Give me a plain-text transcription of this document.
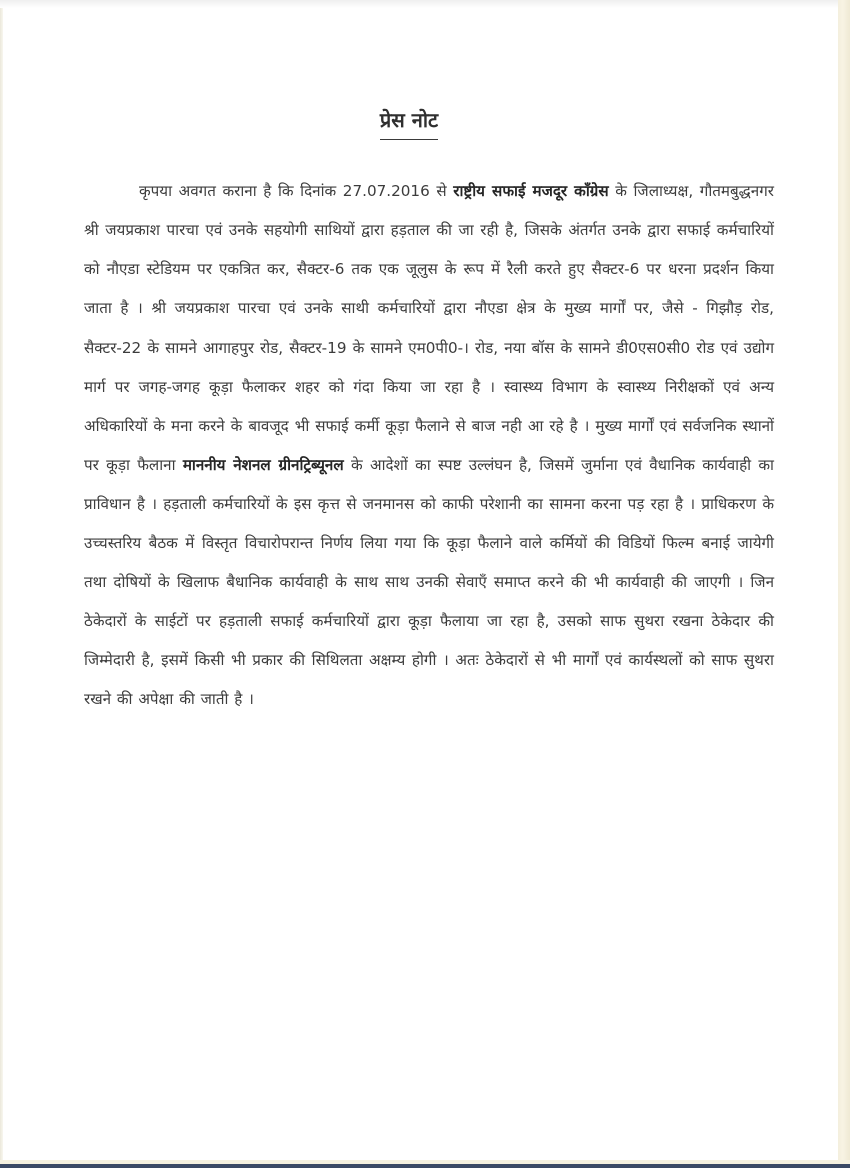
प्रेस नोट

कृपया अवगत कराना है कि दिनांक 27.07.2016 से राष्ट्रीय सफाई मजदूर कॉंग्रेस के जिलाध्यक्ष, गौतमबुद्धनगर श्री जयप्रकाश पारचा एवं उनके सहयोगी साथियों द्वारा हड़ताल की जा रही है, जिसके अंतर्गत उनके द्वारा सफाई कर्मचारियों को नौएडा स्टेडियम पर एकत्रित कर, सैक्टर-6 तक एक जूलुस के रूप में रैली करते हुए सैक्टर-6 पर धरना प्रदर्शन किया जाता है । श्री जयप्रकाश पारचा एवं उनके साथी कर्मचारियों द्वारा नौएडा क्षेत्र के मुख्य मार्गों पर, जैसे - गिझौड़ रोड, सैक्टर-22 के सामने आगाहपुर रोड, सैक्टर-19 के सामने एम0पी0-। रोड, नया बॉस के सामने डी0एस0सी0 रोड एवं उद्योग मार्ग पर जगह-जगह कूड़ा फैलाकर शहर को गंदा किया जा रहा है । स्वास्थ्य विभाग के स्वास्थ्य निरीक्षकों एवं अन्य अधिकारियों के मना करने के बावजूद भी सफाई कर्मी कूड़ा फैलाने से बाज नही आ रहे है । मुख्य मार्गों एवं सर्वजनिक स्थानों पर कूड़ा फैलाना माननीय नेशनल ग्रीनट्रिब्यूनल के आदेशों का स्पष्ट उल्लंघन है, जिसमें जुर्माना एवं वैधानिक कार्यवाही का प्राविधान है । हड़ताली कर्मचारियों के इस कृत्त से जनमानस को काफी परेशानी का सामना करना पड़ रहा है । प्राधिकरण के उच्चस्तरिय बैठक में विस्तृत विचारोपरान्त निर्णय लिया गया कि कूड़ा फैलाने वाले कर्मियों की विडियों फिल्म बनाई जायेगी तथा दोषियों के खिलाफ बैधानिक कार्यवाही के साथ साथ उनकी सेवाएँ समाप्त करने की भी कार्यवाही की जाएगी । जिन ठेकेदारों के साईटों पर हड़ताली सफाई कर्मचारियों द्वारा कूड़ा फैलाया जा रहा है, उसको साफ सुथरा रखना ठेकेदार की जिम्मेदारी है, इसमें किसी भी प्रकार की सिथिलता अक्षम्य होगी । अतः ठेकेदारों से भी मार्गों एवं कार्यस्थलों को साफ सुथरा रखने की अपेक्षा की जाती है ।
